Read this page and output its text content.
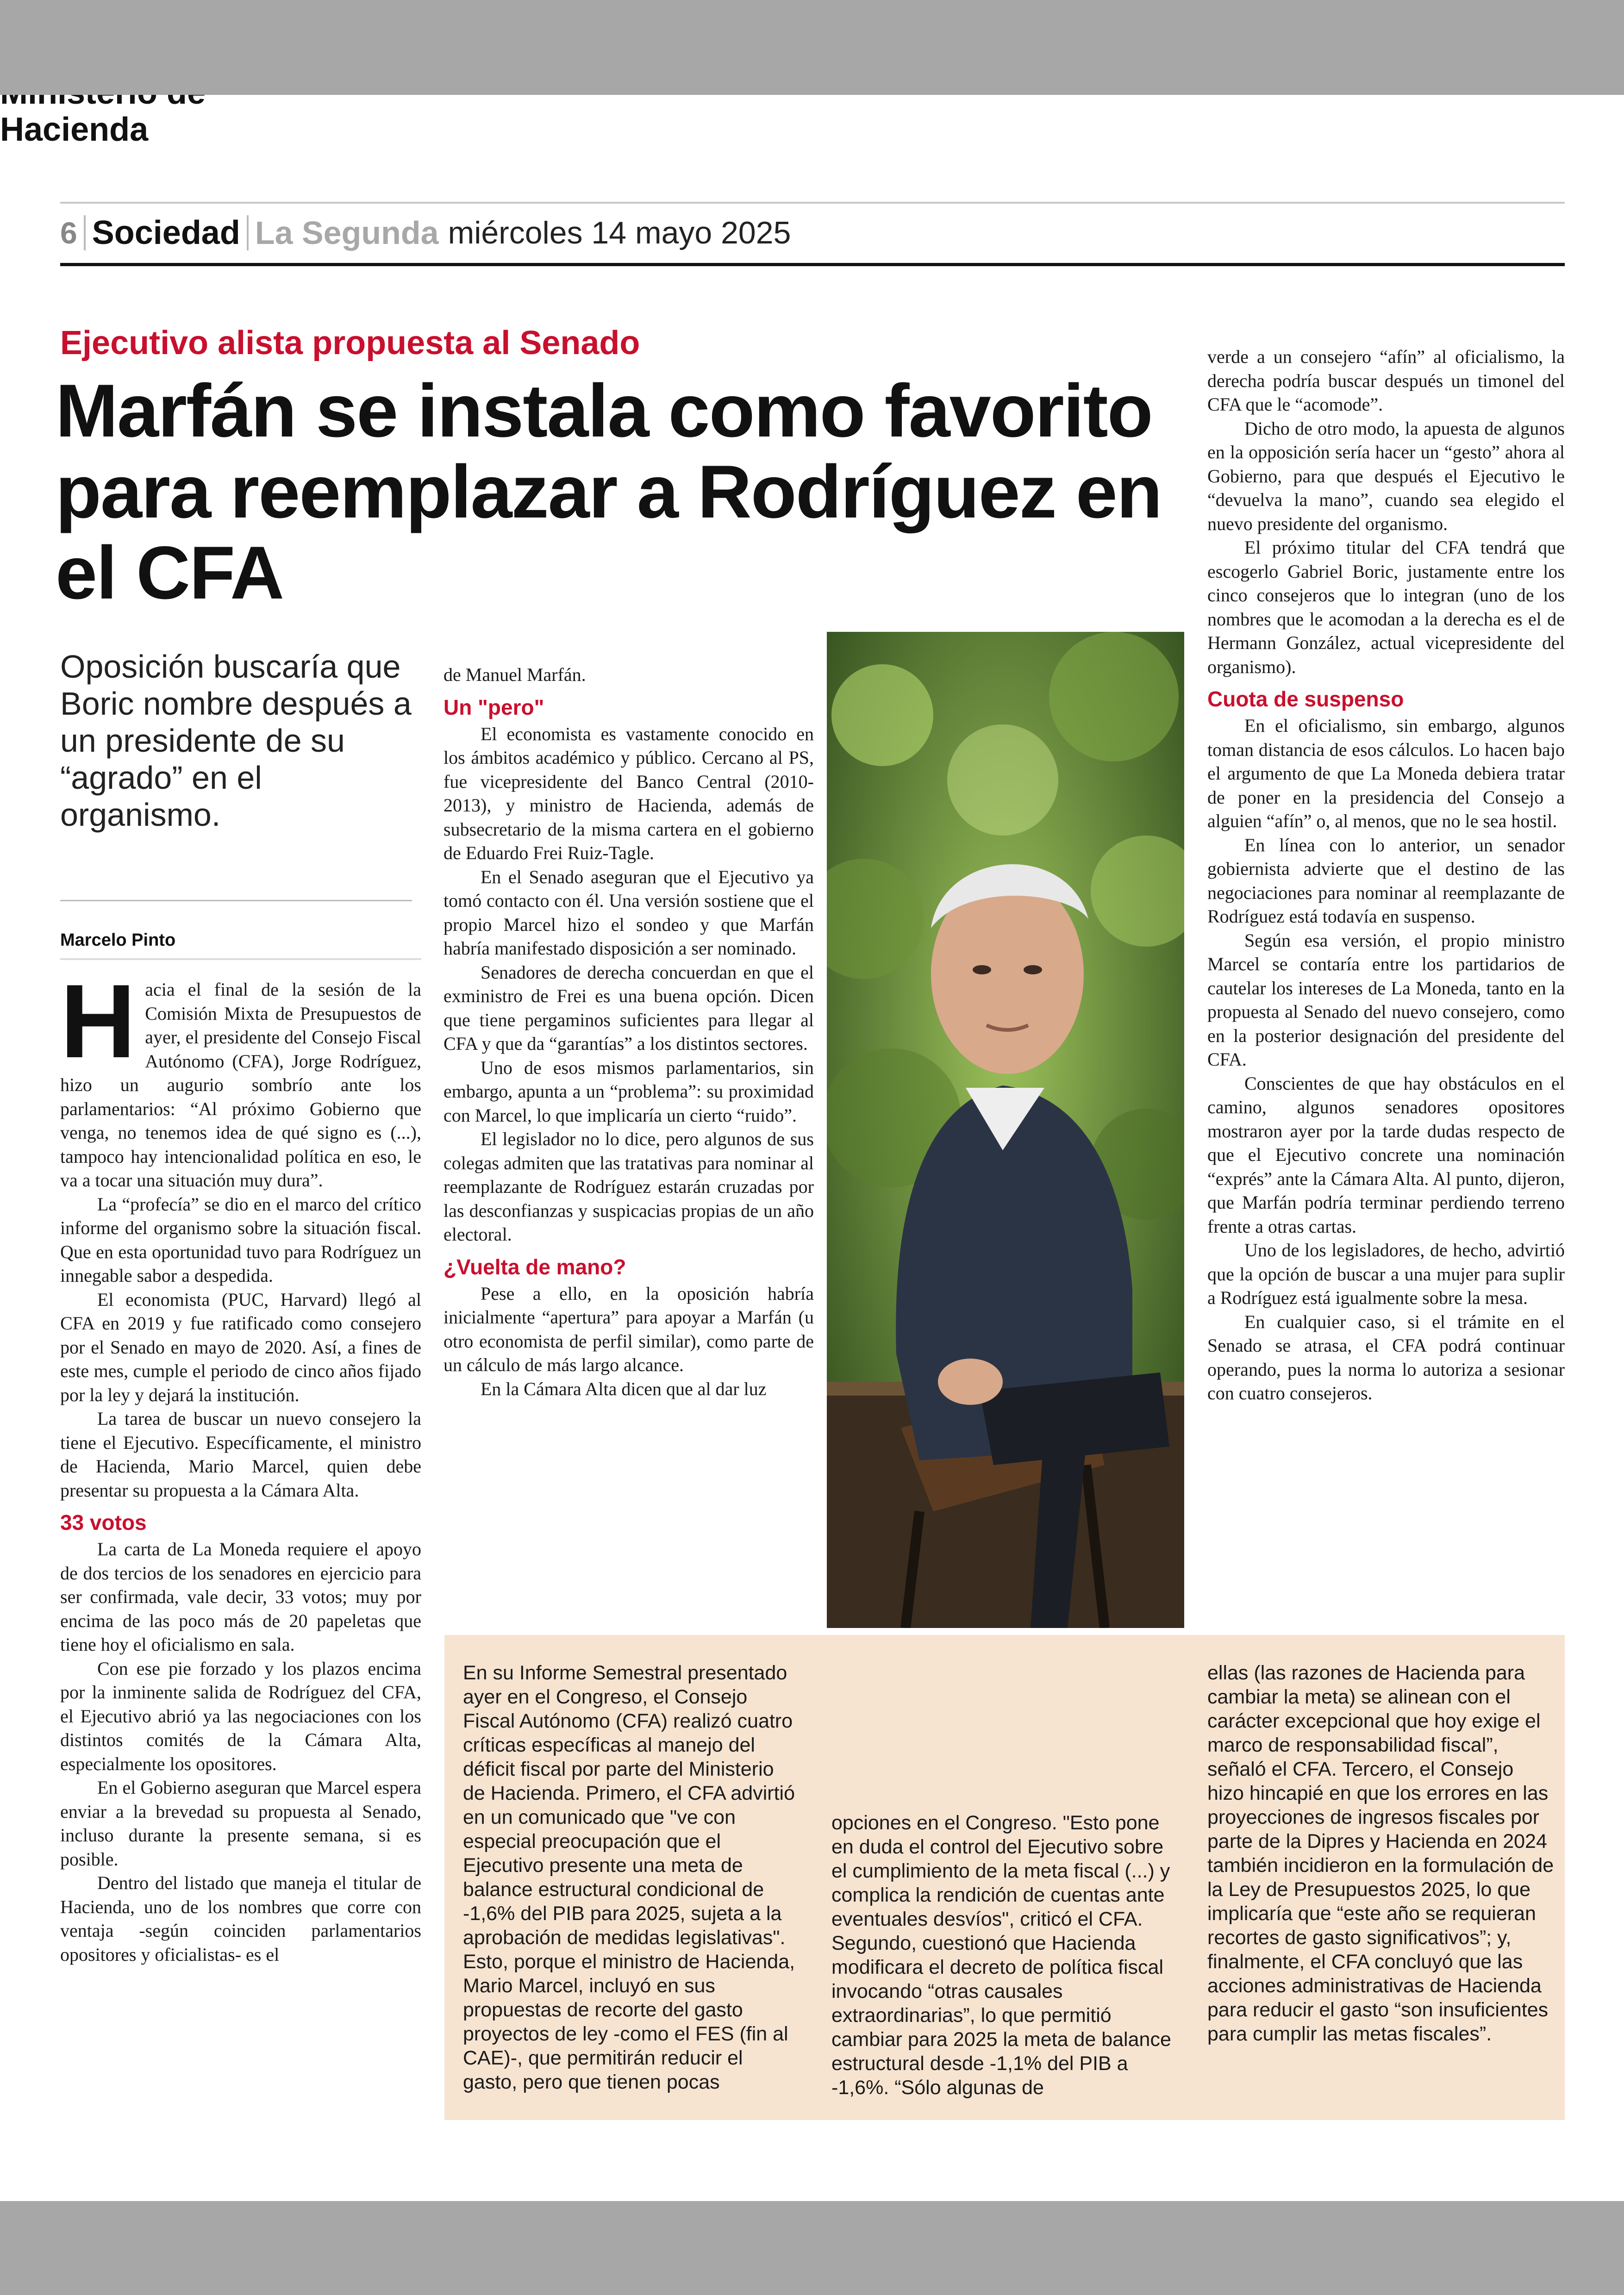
6 Sociedad La Segunda miércoles 14 mayo 2025
Ejecutivo alista propuesta al Senado
Marfán se instala como favorito para reemplazar a Rodríguez en el CFA
Oposición buscaría que Boric nombre después a un presidente de su “agrado” en el organismo.
Marcelo Pinto

Hacia el final de la sesión de la Comisión Mixta de Presupuestos de ayer, el presidente del Consejo Fiscal Autónomo (CFA), Jorge Rodríguez, hizo un augurio sombrío ante los parlamentarios: “Al próximo Gobierno que venga, no tenemos idea de qué signo es (...), tampoco hay intencionalidad política en eso, le va a tocar una situación muy dura”.

La “profecía” se dio en el marco del crítico informe del organismo sobre la situación fiscal. Que en esta oportunidad tuvo para Rodríguez un innegable sabor a despedida.

El economista (PUC, Harvard) llegó al CFA en 2019 y fue ratificado como consejero por el Senado en mayo de 2020. Así, a fines de este mes, cumple el periodo de cinco años fijado por la ley y dejará la institución.

La tarea de buscar un nuevo consejero la tiene el Ejecutivo. Específicamente, el ministro de Hacienda, Mario Marcel, quien debe presentar su propuesta a la Cámara Alta.

33 votos

La carta de La Moneda requiere el apoyo de dos tercios de los senadores en ejercicio para ser confirmada, vale decir, 33 votos; muy por encima de las poco más de 20 papeletas que tiene hoy el oficialismo en sala.

Con ese pie forzado y los plazos encima por la inminente salida de Rodríguez del CFA, el Ejecutivo abrió ya las negociaciones con los distintos comités de la Cámara Alta, especialmente los opositores.

En el Gobierno aseguran que Marcel espera enviar a la brevedad su propuesta al Senado, incluso durante la presente semana, si es posible.

Dentro del listado que maneja el titular de Hacienda, uno de los nombres que corre con ventaja -según coinciden parlamentarios opositores y oficialistas- es el

de Manuel Marfán.

Un "pero"

El economista es vastamente conocido en los ámbitos académico y público. Cercano al PS, fue vicepresidente del Banco Central (2010-2013), y ministro de Hacienda, además de subsecretario de la misma cartera en el gobierno de Eduardo Frei Ruiz-Tagle.

En el Senado aseguran que el Ejecutivo ya tomó contacto con él. Una versión sostiene que el propio Marcel hizo el sondeo y que Marfán habría manifestado disposición a ser nominado.

Senadores de derecha concuerdan en que el exministro de Frei es una buena opción. Dicen que tiene pergaminos suficientes para llegar al CFA y que da “garantías” a los distintos sectores.

Uno de esos mismos parlamentarios, sin embargo, apunta a un “problema”: su proximidad con Marcel, lo que implicaría un cierto “ruido”.

El legislador no lo dice, pero algunos de sus colegas admiten que las tratativas para nominar al reemplazante de Rodríguez estarán cruzadas por las desconfianzas y suspicacias propias de un año electoral.

¿Vuelta de mano?

Pese a ello, en la oposición habría inicialmente “apertura” para apoyar a Marfán (u otro economista de perfil similar), como parte de un cálculo de más largo alcance.

En la Cámara Alta dicen que al dar luz

verde a un consejero “afín” al oficialismo, la derecha podría buscar después un timonel del CFA que le “acomode”.

Dicho de otro modo, la apuesta de algunos en la opposición sería hacer un “gesto” ahora al Gobierno, para que después el Ejecutivo le “devuelva la mano”, cuando sea elegido el nuevo presidente del organismo.

El próximo titular del CFA tendrá que escogerlo Gabriel Boric, justamente entre los cinco consejeros que lo integran (uno de los nombres que le acomodan a la derecha es el de Hermann González, actual vicepresidente del organismo).

Cuota de suspenso

En el oficialismo, sin embargo, algunos toman distancia de esos cálculos. Lo hacen bajo el argumento de que La Moneda debiera tratar de poner en la presidencia del Consejo a alguien “afín” o, al menos, que no le sea hostil.

En línea con lo anterior, un senador gobiernista advierte que el destino de las negociaciones para nominar al reemplazante de Rodríguez está todavía en suspenso.

Según esa versión, el propio ministro Marcel se contaría entre los partidarios de cautelar los intereses de La Moneda, tanto en la propuesta al Senado del nuevo consejero, como en la posterior designación del presidente del CFA.

Conscientes de que hay obstáculos en el camino, algunos senadores opositores mostraron ayer por la tarde dudas respecto de que el Ejecutivo concrete una nominación “exprés” ante la Cámara Alta. Al punto, dijeron, que Marfán podría terminar perdiendo terreno frente a otras cartas.

Uno de los legisladores, de hecho, advirtió que la opción de buscar a una mujer para suplir a Rodríguez está igualmente sobre la mesa.

En cualquier caso, si el trámite en el Senado se atrasa, el CFA podrá continuar operando, pues la norma lo autoriza a sesionar con cuatro consejeros.

En su Informe Semestral presentado ayer en el Congreso, el Consejo Fiscal Autónomo (CFA) realizó cuatro críticas específicas al manejo del déficit fiscal por parte del Ministerio de Hacienda. Primero, el CFA advirtió en un comunicado que "ve con especial preocupación que el Ejecutivo presente una meta de balance estructural condicional de -1,6% del PIB para 2025, sujeta a la aprobación de medidas legislativas". Esto, porque el ministro de Hacienda, Mario Marcel, incluyó en sus propuestas de recorte del gasto proyectos de ley -como el FES (fin al CAE)-, que permitirán reducir el gasto, pero que tienen pocas

Hacienda

opciones en el Congreso. "Esto pone en duda el control del Ejecutivo sobre el cumplimiento de la meta fiscal (...) y complica la rendición de cuentas ante eventuales desvíos", criticó el CFA. Segundo, cuestionó que Hacienda modificara el decreto de política fiscal invocando “otras causales extraordinarias”, lo que permitió cambiar para 2025 la meta de balance estructural desde -1,1% del PIB a -1,6%. “Sólo algunas de

ellas (las razones de Hacienda para cambiar la meta) se alinean con el carácter excepcional que hoy exige el marco de responsabilidad fiscal”, señaló el CFA. Tercero, el Consejo hizo hincapié en que los errores en las proyecciones de ingresos fiscales por parte de la Dipres y Hacienda en 2024 también incidieron en la formulación de la Ley de Presupuestos 2025, lo que implicaría que “este año se requieran recortes de gasto significativos”; y, finalmente, el CFA concluyó que las acciones administrativas de Hacienda para reducir el gasto “son insuficientes para cumplir las metas fiscales”.
